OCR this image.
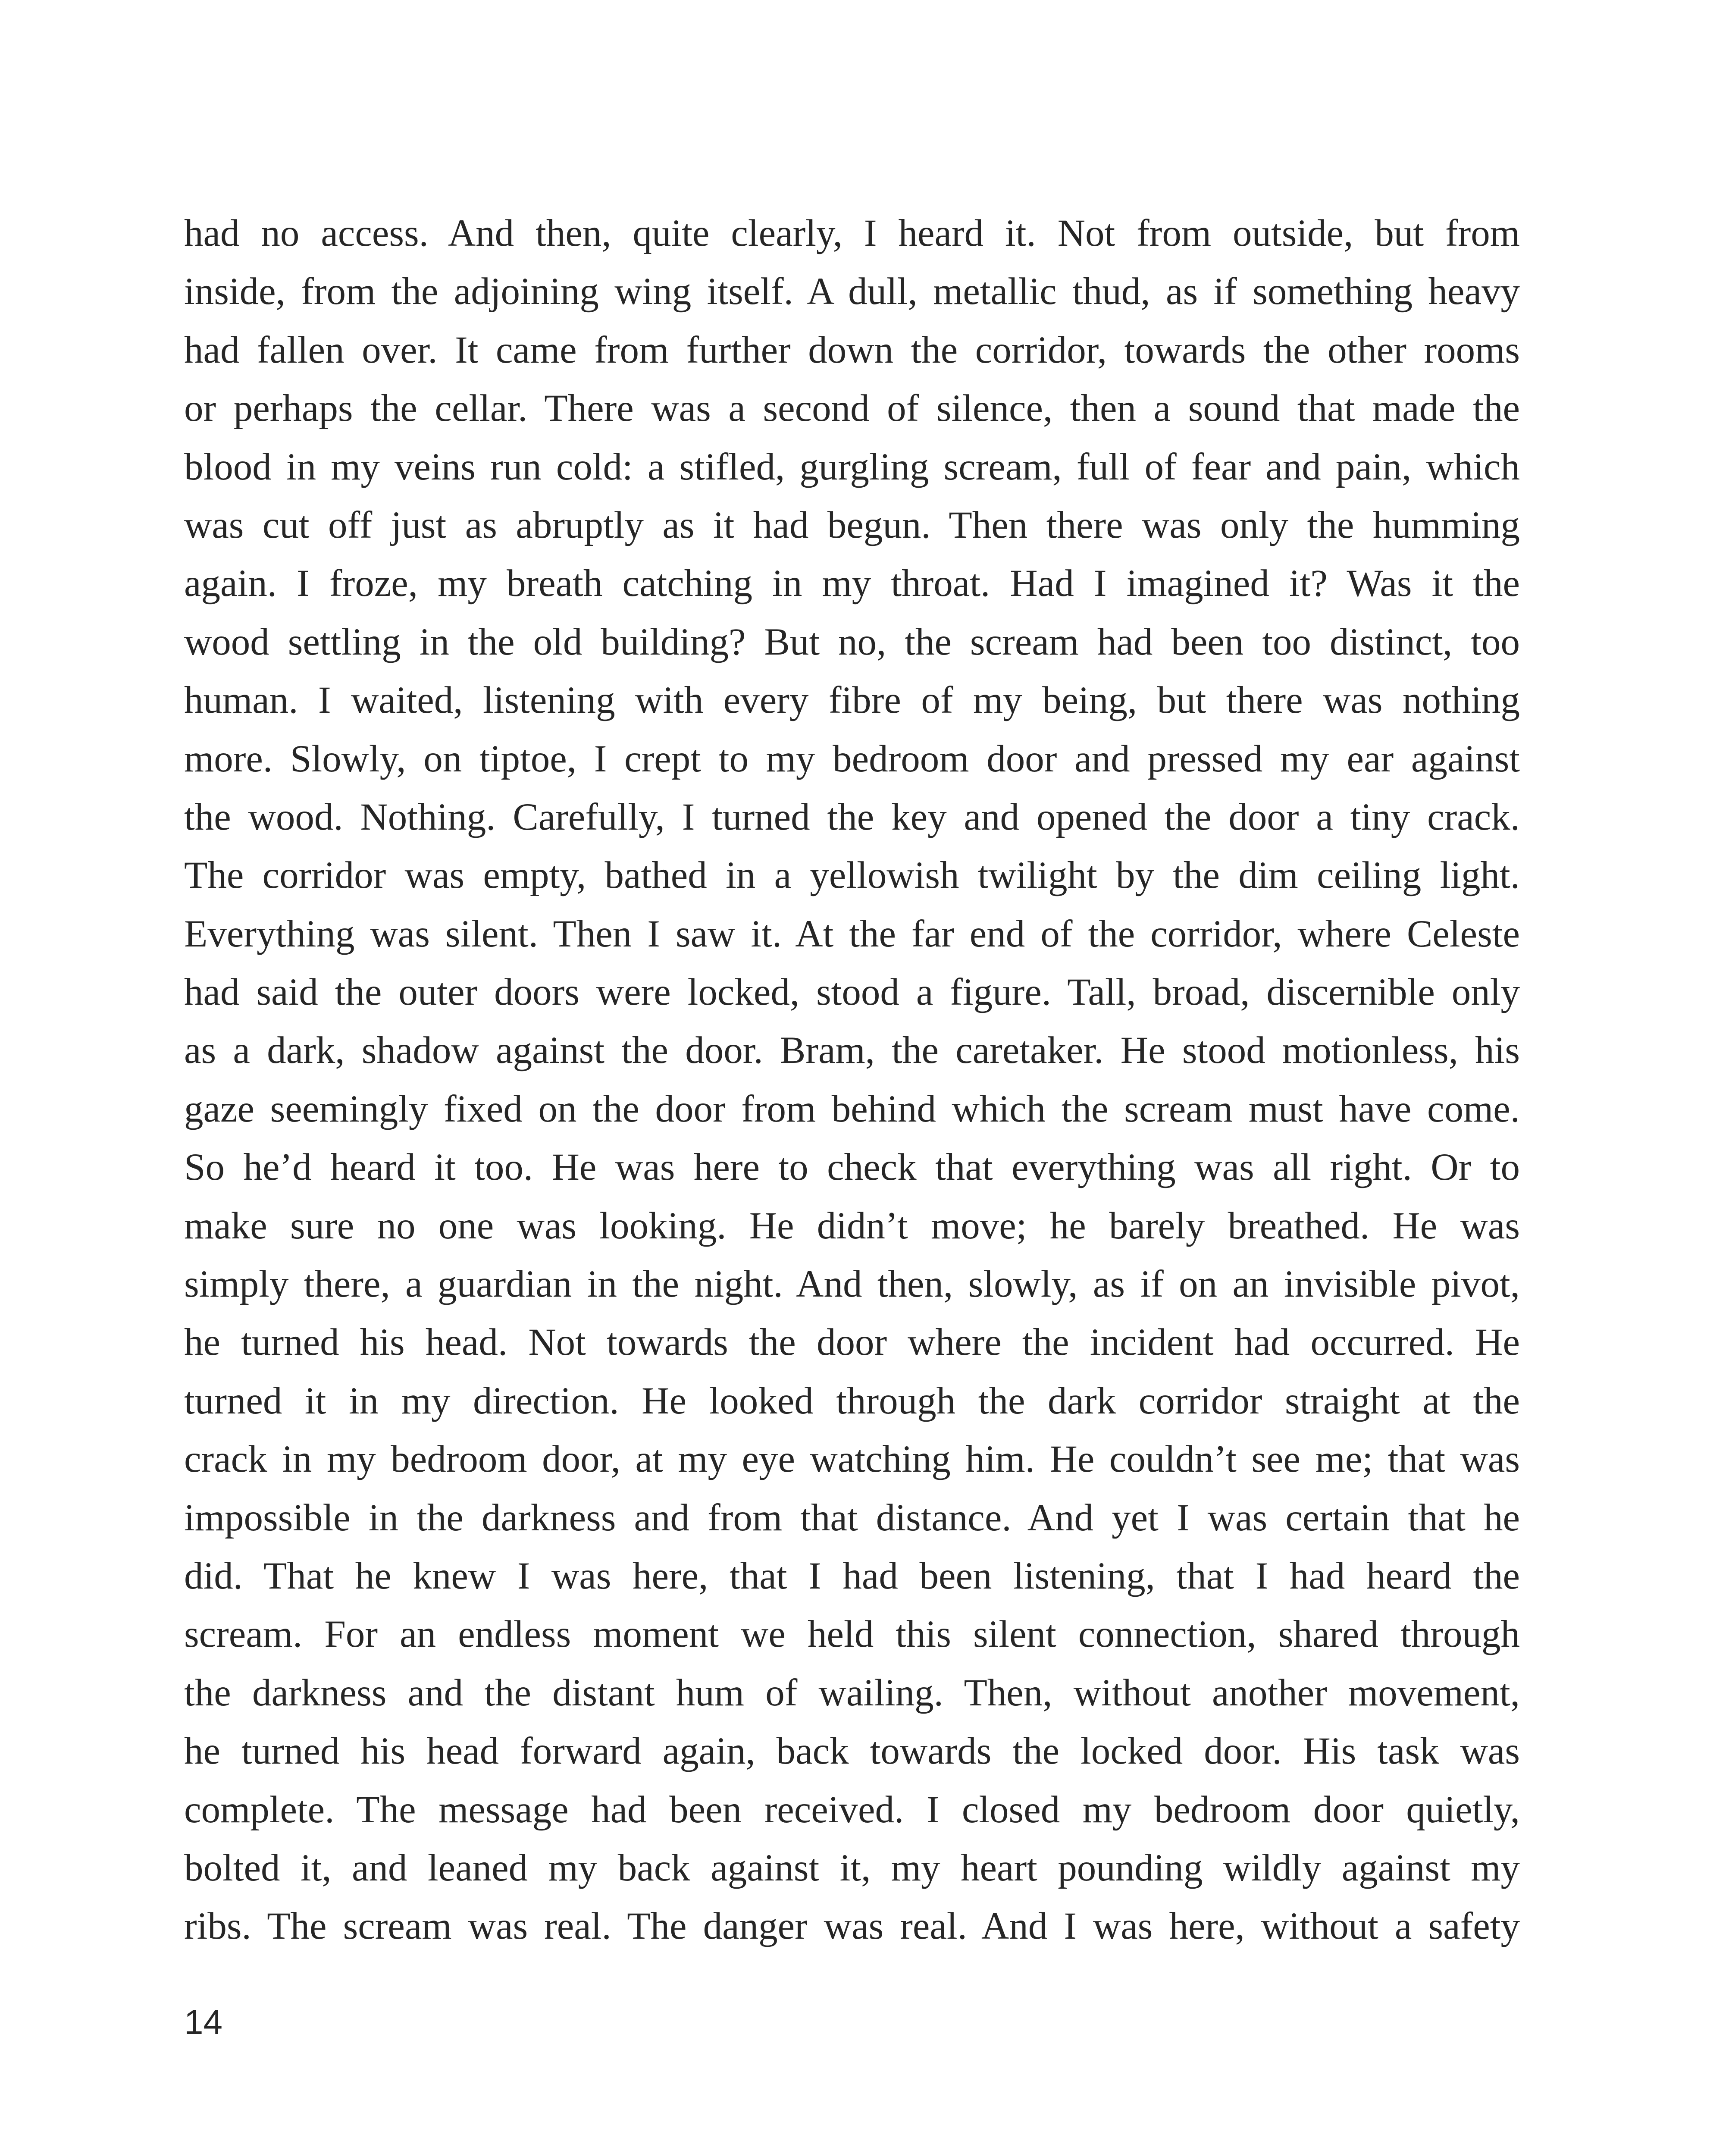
had no access. And then, quite clearly, I heard it. Not from outside, but from
inside, from the adjoining wing itself. A dull, metallic thud, as if something heavy
had fallen over. It came from further down the corridor, towards the other rooms
or perhaps the cellar. There was a second of silence, then a sound that made the
blood in my veins run cold: a stifled, gurgling scream, full of fear and pain, which
was cut off just as abruptly as it had begun. Then there was only the humming
again. I froze, my breath catching in my throat. Had I imagined it? Was it the
wood settling in the old building? But no, the scream had been too distinct, too
human. I waited, listening with every fibre of my being, but there was nothing
more. Slowly, on tiptoe, I crept to my bedroom door and pressed my ear against
the wood. Nothing. Carefully, I turned the key and opened the door a tiny crack.
The corridor was empty, bathed in a yellowish twilight by the dim ceiling light.
Everything was silent. Then I saw it. At the far end of the corridor, where Celeste
had said the outer doors were locked, stood a figure. Tall, broad, discernible only
as a dark, shadow against the door. Bram, the caretaker. He stood motionless, his
gaze seemingly fixed on the door from behind which the scream must have come.
So he’d heard it too. He was here to check that everything was all right. Or to
make sure no one was looking. He didn’t move; he barely breathed. He was
simply there, a guardian in the night. And then, slowly, as if on an invisible pivot,
he turned his head. Not towards the door where the incident had occurred. He
turned it in my direction. He looked through the dark corridor straight at the
crack in my bedroom door, at my eye watching him. He couldn’t see me; that was
impossible in the darkness and from that distance. And yet I was certain that he
did. That he knew I was here, that I had been listening, that I had heard the
scream. For an endless moment we held this silent connection, shared through
the darkness and the distant hum of wailing. Then, without another movement,
he turned his head forward again, back towards the locked door. His task was
complete. The message had been received. I closed my bedroom door quietly,
bolted it, and leaned my back against it, my heart pounding wildly against my
ribs. The scream was real. The danger was real. And I was here, without a safety
14
